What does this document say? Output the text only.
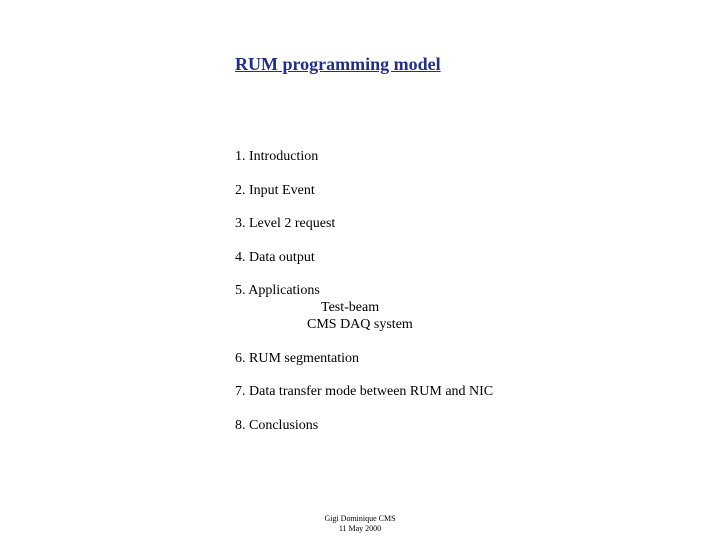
RUM programming model
1. Introduction
2. Input Event
3. Level 2 request
4. Data output
5. Applications
Test-beam
CMS DAQ system
6. RUM segmentation
7. Data transfer mode between RUM and NIC
8. Conclusions
Gigi Dominique CMS
11 May 2000
